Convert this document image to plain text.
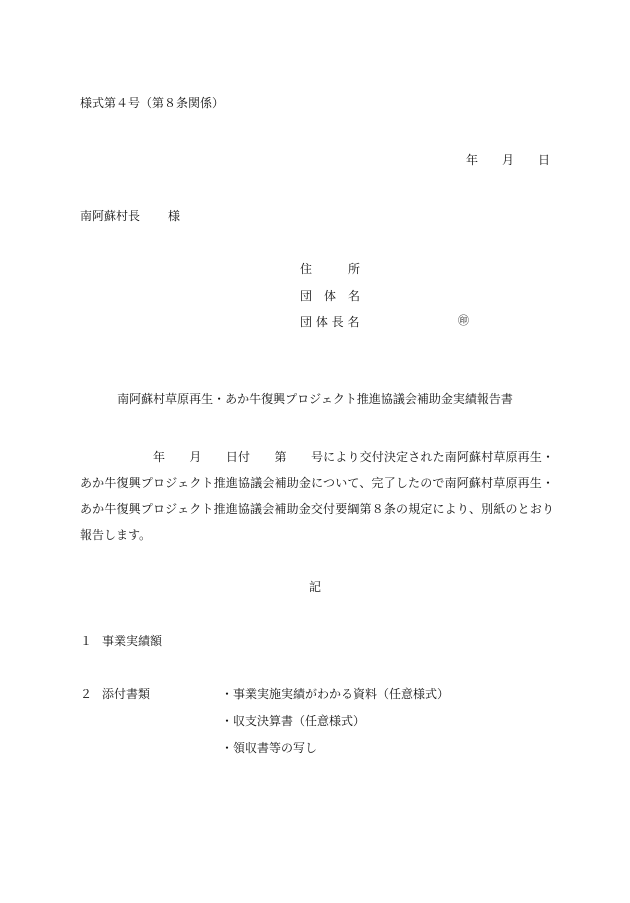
様式第４号（第８条関係）
年　　月　　日
南阿蘇村長 様
住　　　所
団　体　名
団 体 長 名	㊞
南阿蘇村草原再生・あか牛復興プロジェクト推進協議会補助金実績報告書
　　　　　　年　　月　　日付　　第　　号により交付決定された南阿蘇村草原再生・あか牛復興プロジェクト推進協議会補助金について、完了したので南阿蘇村草原再生・あか牛復興プロジェクト推進協議会補助金交付要綱第８条の規定により、別紙のとおり報告します。
記
１ 事業実績額
２ 添付書類	・事業実施実績がわかる資料（任意様式）
・収支決算書（任意様式）
・領収書等の写し
